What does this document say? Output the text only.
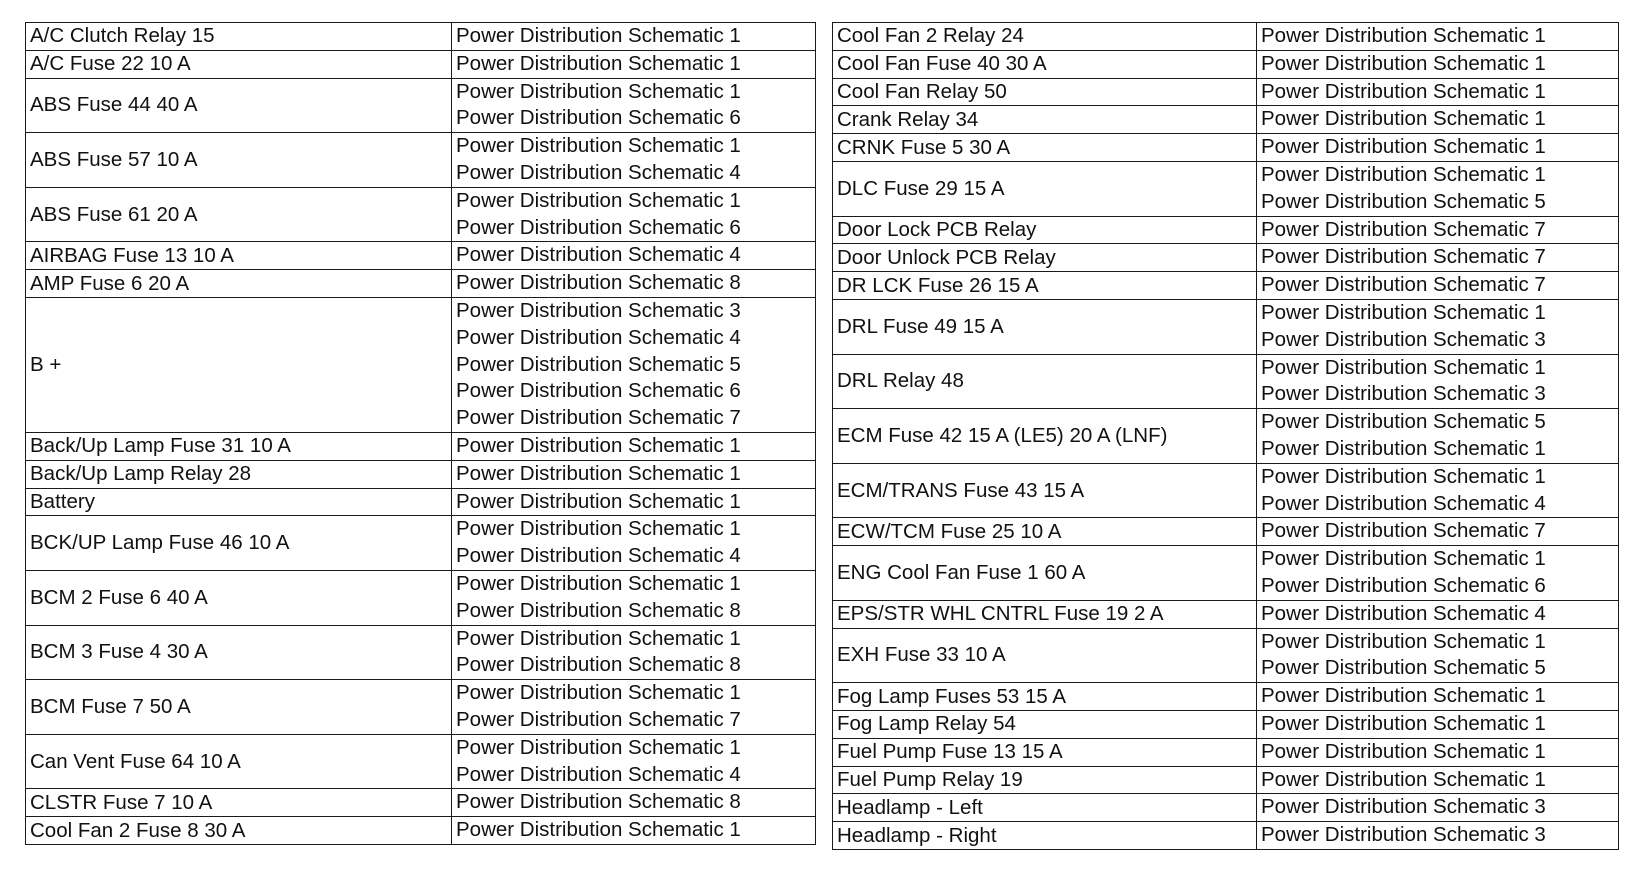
A/C Clutch Relay 15	Power Distribution Schematic 1

A/C Fuse 22 10 A	Power Distribution Schematic 1

ABS Fuse 44 40 A	Power Distribution Schematic 1
Power Distribution Schematic 6

ABS Fuse 57 10 A	Power Distribution Schematic 1
Power Distribution Schematic 4

ABS Fuse 61 20 A	Power Distribution Schematic 1
Power Distribution Schematic 6

AIRBAG Fuse 13 10 A	Power Distribution Schematic 4

AMP Fuse 6 20 A	Power Distribution Schematic 8

B +	Power Distribution Schematic 3
Power Distribution Schematic 4
Power Distribution Schematic 5
Power Distribution Schematic 6
Power Distribution Schematic 7

Back/Up Lamp Fuse 31 10 A	Power Distribution Schematic 1

Back/Up Lamp Relay 28	Power Distribution Schematic 1

Battery	Power Distribution Schematic 1

BCK/UP Lamp Fuse 46 10 A	Power Distribution Schematic 1
Power Distribution Schematic 4

BCM 2 Fuse 6 40 A	Power Distribution Schematic 1
Power Distribution Schematic 8

BCM 3 Fuse 4 30 A	Power Distribution Schematic 1
Power Distribution Schematic 8

BCM Fuse 7 50 A	Power Distribution Schematic 1
Power Distribution Schematic 7

Can Vent Fuse 64 10 A	Power Distribution Schematic 1
Power Distribution Schematic 4

CLSTR Fuse 7 10 A	Power Distribution Schematic 8

Cool Fan 2 Fuse 8 30 A	Power Distribution Schematic 1
Cool Fan 2 Relay 24	Power Distribution Schematic 1

Cool Fan Fuse 40 30 A	Power Distribution Schematic 1

Cool Fan Relay 50	Power Distribution Schematic 1

Crank Relay 34	Power Distribution Schematic 1

CRNK Fuse 5 30 A	Power Distribution Schematic 1

DLC Fuse 29 15 A	Power Distribution Schematic 1
Power Distribution Schematic 5

Door Lock PCB Relay	Power Distribution Schematic 7

Door Unlock PCB Relay	Power Distribution Schematic 7

DR LCK Fuse 26 15 A	Power Distribution Schematic 7

DRL Fuse 49 15 A	Power Distribution Schematic 1
Power Distribution Schematic 3

DRL Relay 48	Power Distribution Schematic 1
Power Distribution Schematic 3

ECM Fuse 42 15 A (LE5) 20 A (LNF)	Power Distribution Schematic 5
Power Distribution Schematic 1

ECM/TRANS Fuse 43 15 A	Power Distribution Schematic 1
Power Distribution Schematic 4

ECW/TCM Fuse 25 10 A	Power Distribution Schematic 7

ENG Cool Fan Fuse 1 60 A	Power Distribution Schematic 1
Power Distribution Schematic 6

EPS/STR WHL CNTRL Fuse 19 2 A	Power Distribution Schematic 4

EXH Fuse 33 10 A	Power Distribution Schematic 1
Power Distribution Schematic 5

Fog Lamp Fuses 53 15 A	Power Distribution Schematic 1

Fog Lamp Relay 54	Power Distribution Schematic 1

Fuel Pump Fuse 13 15 A	Power Distribution Schematic 1

Fuel Pump Relay 19	Power Distribution Schematic 1

Headlamp - Left	Power Distribution Schematic 3

Headlamp - Right	Power Distribution Schematic 3
